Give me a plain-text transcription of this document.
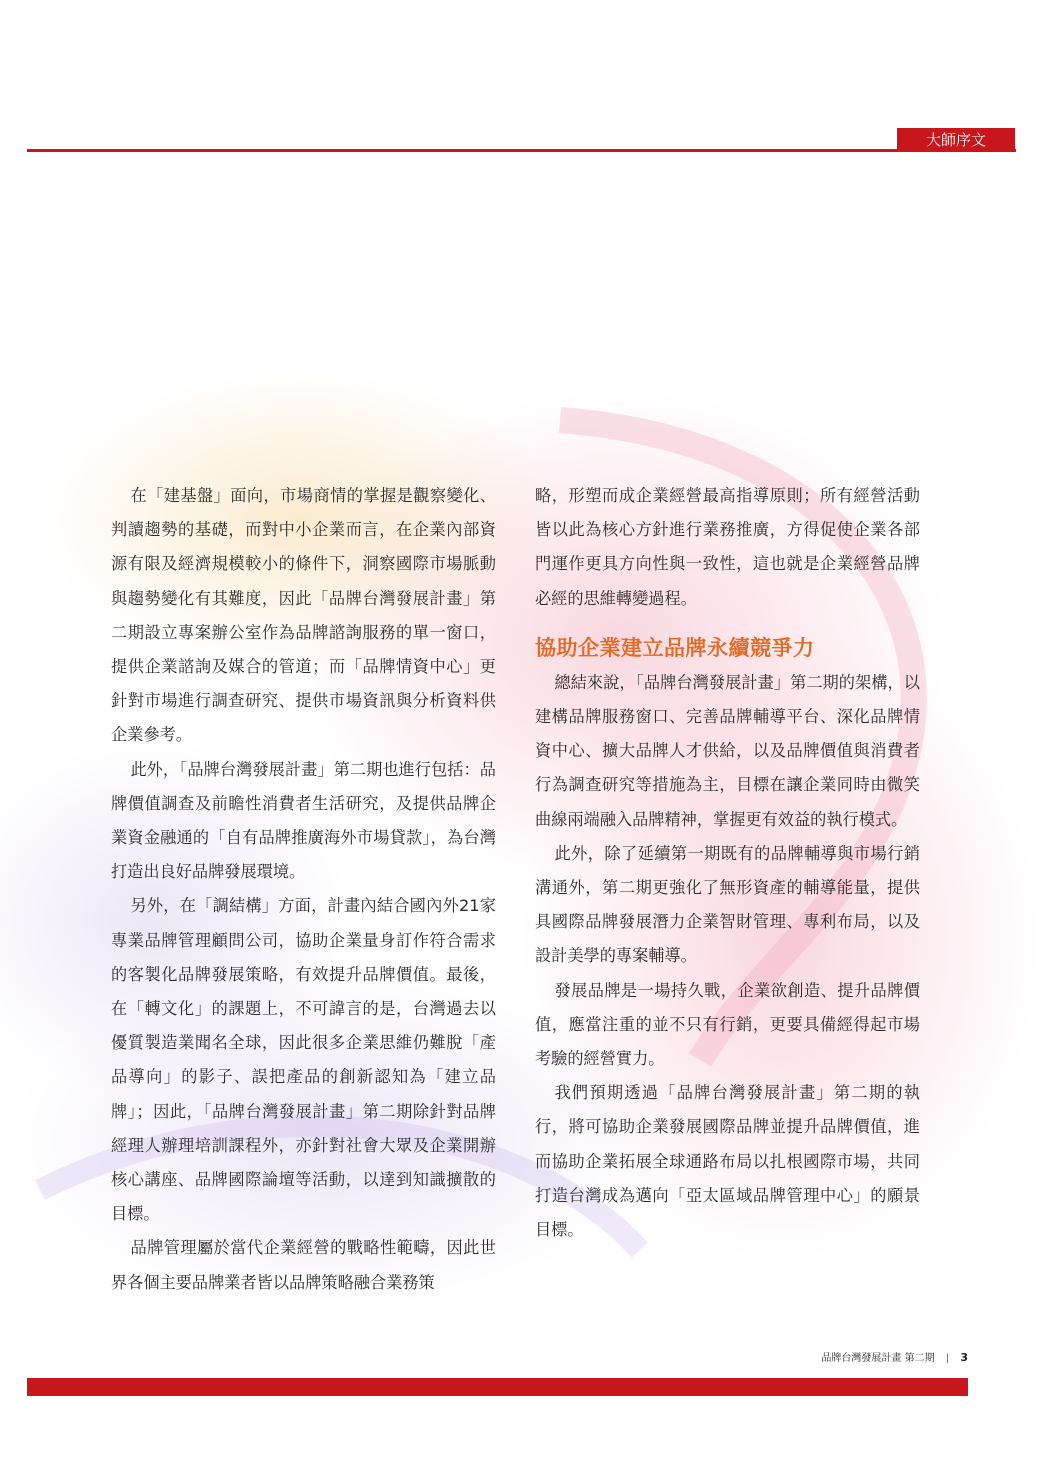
大師序文

在「建基盤」面向，市場商情的掌握是觀察變化、判讀趨勢的基礎，而對中小企業而言，在企業內部資源有限及經濟規模較小的條件下，洞察國際市場脈動與趨勢變化有其難度，因此「品牌台灣發展計畫」第二期設立專案辦公室作為品牌諮詢服務的單一窗口，提供企業諮詢及媒合的管道；而「品牌情資中心」更針對市場進行調查研究、提供市場資訊與分析資料供企業參考。

此外，「品牌台灣發展計畫」第二期也進行包括：品牌價值調查及前瞻性消費者生活研究，及提供品牌企業資金融通的「自有品牌推廣海外市場貸款」，為台灣打造出良好品牌發展環境。

另外，在「調結構」方面，計畫內結合國內外21家專業品牌管理顧問公司，協助企業量身訂作符合需求的客製化品牌發展策略，有效提升品牌價值。最後，在「轉文化」的課題上，不可諱言的是，台灣過去以優質製造業聞名全球，因此很多企業思維仍難脫「產品導向」的影子、誤把產品的創新認知為「建立品牌」；因此，「品牌台灣發展計畫」第二期除針對品牌經理人辦理培訓課程外，亦針對社會大眾及企業開辦核心講座、品牌國際論壇等活動，以達到知識擴散的目標。

品牌管理屬於當代企業經營的戰略性範疇，因此世界各個主要品牌業者皆以品牌策略融合業務策

略，形塑而成企業經營最高指導原則；所有經營活動皆以此為核心方針進行業務推廣，方得促使企業各部門運作更具方向性與一致性，這也就是企業經營品牌必經的思維轉變過程。

協助企業建立品牌永續競爭力

總結來說，「品牌台灣發展計畫」第二期的架構，以建構品牌服務窗口、完善品牌輔導平台、深化品牌情資中心、擴大品牌人才供給，以及品牌價值與消費者行為調查研究等措施為主，目標在讓企業同時由微笑曲線兩端融入品牌精神，掌握更有效益的執行模式。

此外，除了延續第一期既有的品牌輔導與市場行銷溝通外，第二期更強化了無形資產的輔導能量，提供具國際品牌發展潛力企業智財管理、專利布局，以及設計美學的專案輔導。

發展品牌是一場持久戰，企業欲創造、提升品牌價值，應當注重的並不只有行銷，更要具備經得起市場考驗的經營實力。

我們預期透過「品牌台灣發展計畫」第二期的執行，將可協助企業發展國際品牌並提升品牌價值，進而協助企業拓展全球通路布局以扎根國際市場，共同打造台灣成為邁向「亞太區域品牌管理中心」的願景目標。

品牌台灣發展計畫 第二期 | 3
